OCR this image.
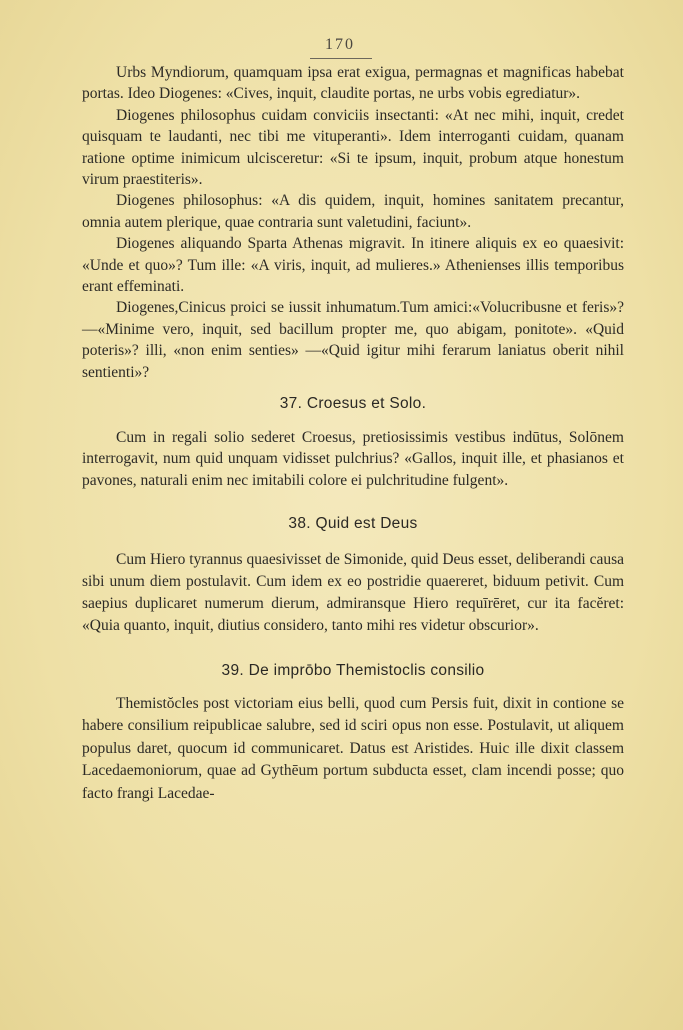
170

Urbs Myndiorum, quamquam ipsa erat exigua, permagnas et magnificas habebat portas. Ideo Diogenes: «Cives, inquit, claudite portas, ne urbs vobis egrediatur».

Diogenes philosophus cuidam conviciis insectanti: «At nec mihi, inquit, credet quisquam te laudanti, nec tibi me vituperanti». Idem interroganti cuidam, quanam ratione optime inimicum ulcisceretur: «Si te ipsum, inquit, probum atque honestum virum praestiteris».

Diogenes philosophus: «A dis quidem, inquit, homines sanitatem precantur, omnia autem plerique, quae contraria sunt valetudini, faciunt».

Diogenes aliquando Sparta Athenas migravit. In itinere aliquis ex eo quaesivit: «Unde et quo»? Tum ille: «A viris, inquit, ad mulieres.» Athenienses illis temporibus erant effeminati.

Diogenes,Cinicus proici se iussit inhumatum.Tum amici:«Volucribusne et feris»?—«Minime vero, inquit, sed bacillum propter me, quo abigam, ponitote». «Quid poteris»? illi, «non enim senties» —«Quid igitur mihi ferarum laniatus oberit nihil sentienti»?

37. Croesus et Solo.

Cum in regali solio sederet Croesus, pretiosissimis vestibus indūtus, Solōnem interrogavit, num quid unquam vidisset pulchrius? «Gallos, inquit ille, et phasianos et pavones, naturali enim nec imitabili colore ei pulchritudine fulgent».

38. Quid est Deus

Cum Hiero tyrannus quaesivisset de Simonide, quid Deus esset, deliberandi causa sibi unum diem postulavit. Cum idem ex eo postridie quaereret, biduum petivit. Cum saepius duplicaret numerum dierum, admiransque Hiero requīrēret, cur ita facĕret: «Quia quanto, inquit, diutius considero, tanto mihi res videtur obscurior».

39. De imprōbo Themistoclis consilio

Themistŏcles post victoriam eius belli, quod cum Persis fuit, dixit in contione se habere consilium reipublicae salubre, sed id sciri opus non esse. Postulavit, ut aliquem populus daret, quocum id communicaret. Datus est Aristides. Huic ille dixit classem Lacedaemoniorum, quae ad Gythēum portum subducta esset, clam incendi posse; quo facto frangi Lacedae-
